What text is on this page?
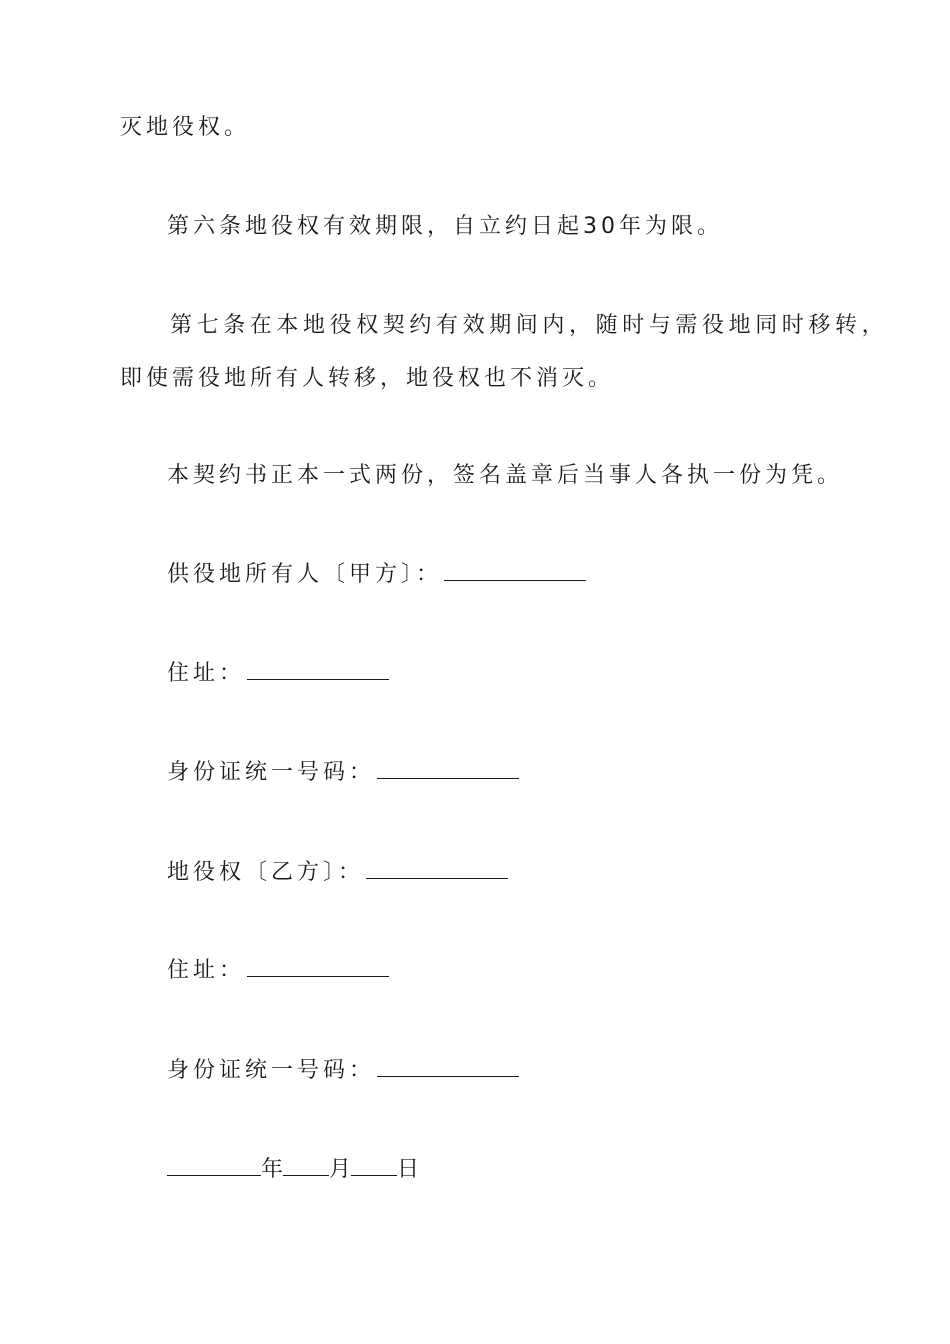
灭地役权。
第六条地役权有效期限，自立约日起30年为限。
第七条在本地役权契约有效期间内，随时与需役地同时移转，
即使需役地所有人转移，地役权也不消灭。
本契约书正本一式两份，签名盖章后当事人各执一份为凭。
供役地所有人〔甲方〕：
住址：
身份证统一号码：
地役权〔乙方〕：
住址：
身份证统一号码：
年 月 日
